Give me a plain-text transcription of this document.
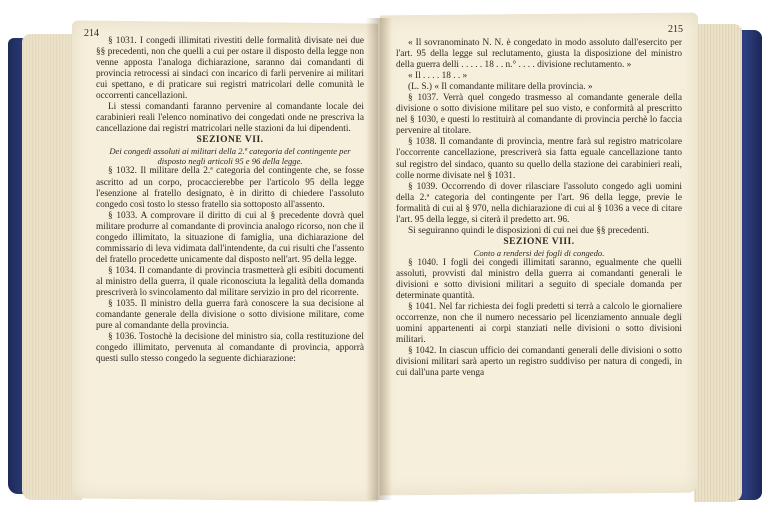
214	215

§ 1031. I congedi illimitati rivestiti delle formalità divisate nei due §§ precedenti, non che quelli a cui per ostare il disposto della legge non venne apposta l'analoga dichiarazione, saranno dai comandanti di provincia retrocessi ai sindaci con incarico di farli pervenire ai militari cui spettano, e di praticare sui registri matricolari delle comunità le occorrenti cancellazioni.

Li stessi comandanti faranno pervenire al comandante locale dei carabinieri reali l'elenco nominativo dei congedati onde ne prescriva la cancellazione dai registri matricolari nelle stazioni da lui dipendenti.

SEZIONE VII.

Dei congedi assoluti ai militari della 2.ª categoria del contingente per disposto negli articoli 95 e 96 della legge.

§ 1032. Il militare della 2.ª categoria del contingente che, se fosse ascritto ad un corpo, procaccierebbe per l'articolo 95 della legge l'esenzione al fratello designato, è in diritto di chiedere l'assoluto congedo così tosto lo stesso fratello sia sottoposto all'assento.

§ 1033. A comprovare il diritto di cui al § precedente dovrà quel militare produrre al comandante di provincia analogo ricorso, non che il congedo illimitato, la situazione di famiglia, una dichiarazione del commissario di leva vidimata dall'intendente, da cui risulti che l'assento del fratello procedette unicamente dal disposto nell'art. 95 della legge.

§ 1034. Il comandante di provincia trasmetterà gli esibiti documenti al ministro della guerra, il quale riconosciuta la legalità della domanda prescriverà lo svincolamento dal militare servizio in pro del ricorrente.

§ 1035. Il ministro della guerra farà conoscere la sua decisione al comandante generale della divisione o sotto divisione militare, come pure al comandante della provincia.

§ 1036. Tostochè la decisione del ministro sia, colla restituzione del congedo illimitato, pervenuta al comandante di provincia, apporrà questi sullo stesso congedo la seguente dichiarazione:

« Il sovranominato N. N. è congedato in modo assoluto dall'esercito per l'art. 95 della legge sul reclutamento, giusta la disposizione del ministro della guerra delli . . . . . 18 . . n.° . . . . divisione reclutamento. »

« Il . . . . 18 . . »

(L. S.) « Il comandante militare della provincia. »

§ 1037. Verrà quel congedo trasmesso al comandante generale della divisione o sotto divisione militare pel suo visto, e conformità al prescritto nel § 1030, e questi lo restituirà al comandante di provincia perchè lo faccia pervenire al titolare.

§ 1038. Il comandante di provincia, mentre farà sul registro matricolare l'occorrente cancellazione, prescriverà sia fatta eguale cancellazione tanto sul registro del sindaco, quanto su quello della stazione dei carabinieri reali, colle norme divisate nel § 1031.

§ 1039. Occorrendo di dover rilasciare l'assoluto congedo agli uomini della 2.ª categoria del contingente per l'art. 96 della legge, previe le formalità di cui al § 970, nella dichiarazione di cui al § 1036 a vece di citare l'art. 95 della legge, si citerà il predetto art. 96.

Si seguiranno quindi le disposizioni di cui nei due §§ precedenti.

SEZIONE VIII.

Conto a rendersi dei fogli di congedo.

§ 1040. I fogli dei congedi illimitati saranno, egualmente che quelli assoluti, provvisti dal ministro della guerra ai comandanti generali le divisioni e sotto divisioni militari a seguito di speciale domanda per determinate quantità.

§ 1041. Nel far richiesta dei fogli predetti si terrà a calcolo le giornaliere occorrenze, non che il numero necessario pel licenziamento annuale degli uomini appartenenti ai corpi stanziati nelle divisioni o sotto divisioni militari.

§ 1042. In ciascun ufficio dei comandanti generali delle divisioni o sotto divisioni militari sarà aperto un registro suddiviso per natura di congedi, in cui dall'una parte venga
